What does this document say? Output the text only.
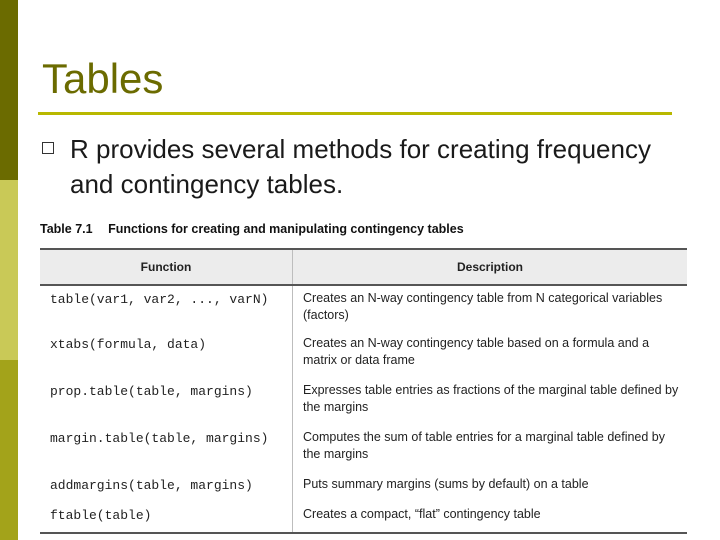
Tables
R provides several methods for creating frequency and contingency tables.
Table 7.1 Functions for creating and manipulating contingency tables
Function	Description
table(var1, var2, ..., varN)	Creates an N-way contingency table from N categorical variables (factors)
xtabs(formula, data)	Creates an N-way contingency table based on a formula and a matrix or data frame
prop.table(table, margins)	Expresses table entries as fractions of the marginal table defined by the margins
margin.table(table, margins)	Computes the sum of table entries for a marginal table defined by the margins
addmargins(table, margins)	Puts summary margins (sums by default) on a table
ftable(table)	Creates a compact, “flat” contingency table
